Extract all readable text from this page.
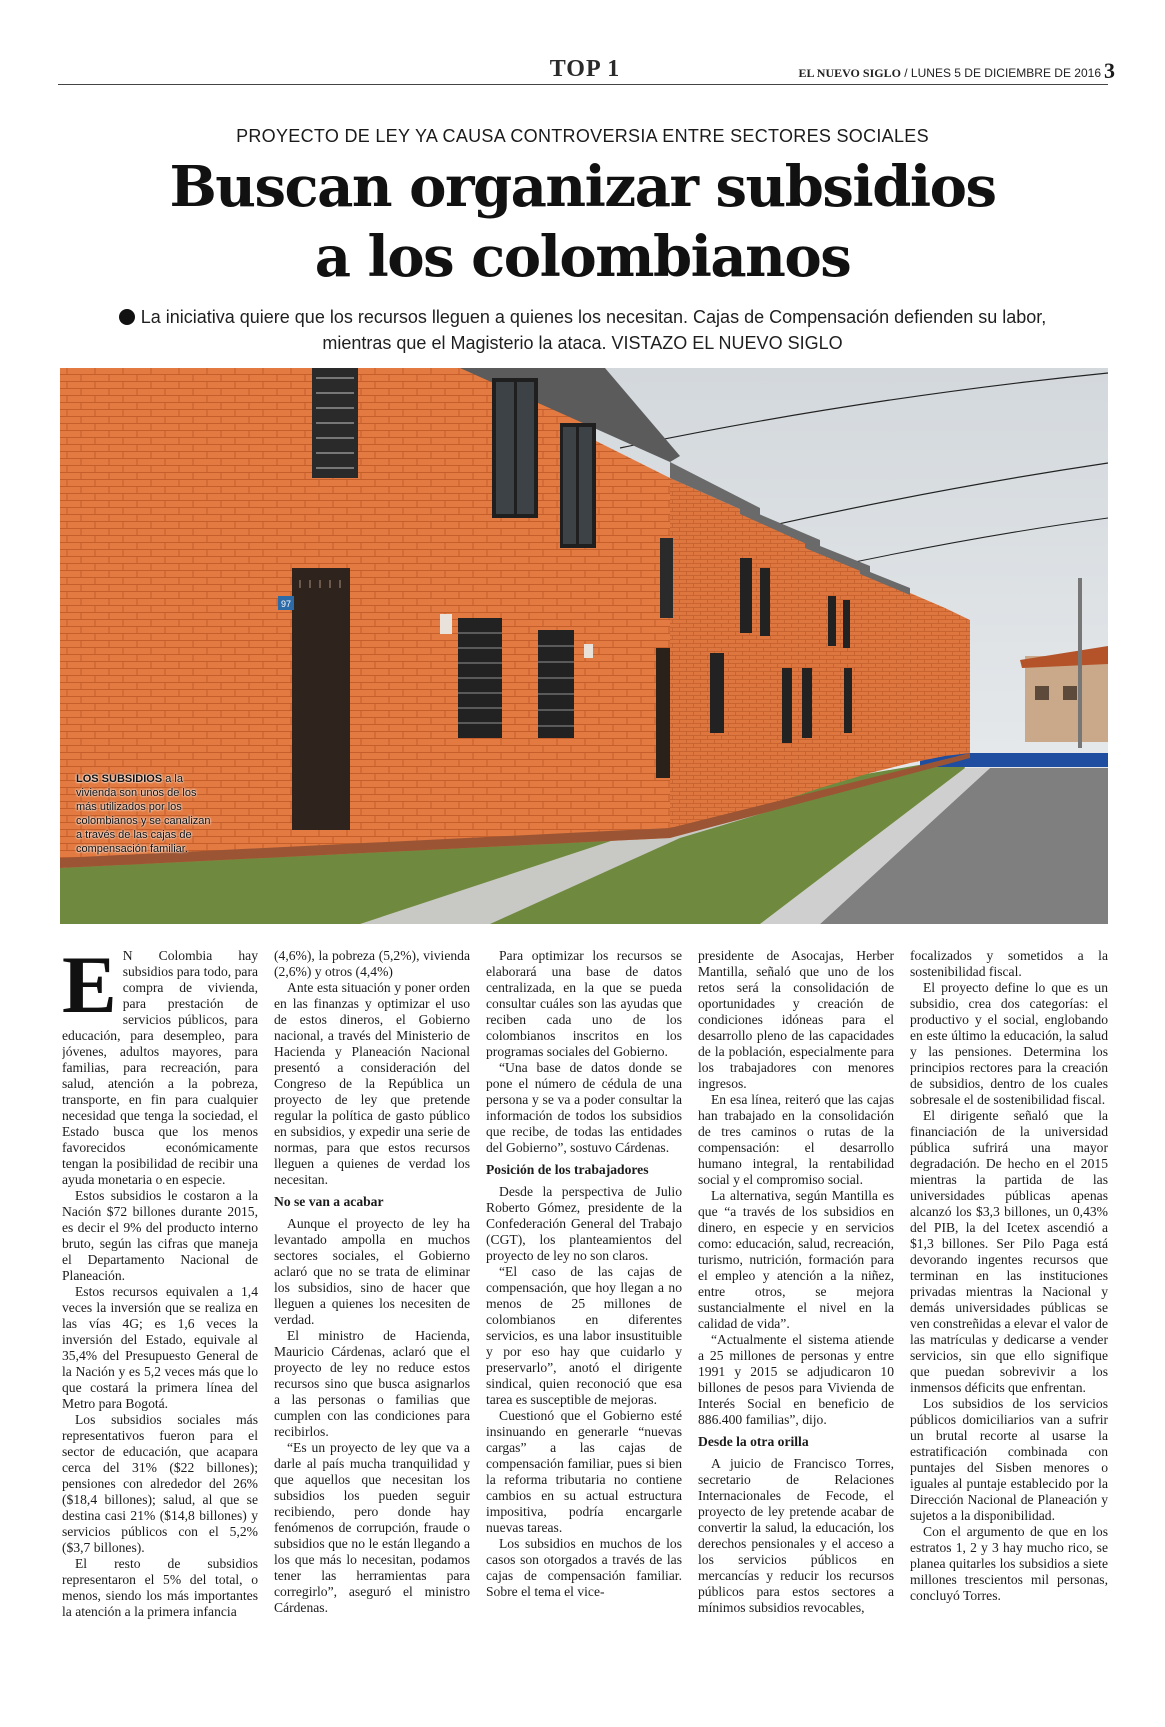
TOP 1	EL NUEVO SIGLO / LUNES 5 DE DICIEMBRE DE 2016 3
PROYECTO DE LEY YA CAUSA CONTROVERSIA ENTRE SECTORES SOCIALES
Buscan organizar subsidios
a los colombianos
La iniciativa quiere que los recursos lleguen a quienes los necesitan. Cajas de Compensación defienden su labor,
mientras que el Magisterio la ataca. VISTAZO EL NUEVO SIGLO
97
LOS SUBSIDIOS a la vivienda son unos de los más utilizados por los colombianos y se canalizan a través de las cajas de compensación familiar.
E N Colombia hay subsidios para todo, para compra de vivienda, para prestación de servicios públicos, para educación, para desempleo, para jóvenes, adultos mayores, para familias, para recreación, para salud, atención a la pobreza, transporte, en fin para cualquier necesidad que tenga la sociedad, el Estado busca que los menos favorecidos económicamente tengan la posibilidad de recibir una ayuda monetaria o en especie.

Estos subsidios le costaron a la Nación $72 billones durante 2015, es decir el 9% del producto interno bruto, según las cifras que maneja el Departamento Nacional de Planeación.

Estos recursos equivalen a 1,4 veces la inversión que se realiza en las vías 4G; es 1,6 veces la inversión del Estado, equivale al 35,4% del Presupuesto General de la Nación y es 5,2 veces más que lo que costará la primera línea del Metro para Bogotá.

Los subsidios sociales más representativos fueron para el sector de educación, que acapara cerca del 31% ($22 billones); pensiones con alrededor del 26% ($18,4 billones); salud, al que se destina casi 21% ($14,8 billones) y servicios públicos con el 5,2% ($3,7 billones).

El resto de subsidios representaron el 5% del total, o menos, siendo los más importantes la atención a la primera infancia

(4,6%), la pobreza (5,2%), vivienda (2,6%) y otros (4,4%)

Ante esta situación y poner orden en las finanzas y optimizar el uso de estos dineros, el Gobierno nacional, a través del Ministerio de Hacienda y Planeación Nacional presentó a consideración del Congreso de la República un proyecto de ley que pretende regular la política de gasto público en subsidios, y expedir una serie de normas, para que estos recursos lleguen a quienes de verdad los necesitan.

No se van a acabar

Aunque el proyecto de ley ha levantado ampolla en muchos sectores sociales, el Gobierno aclaró que no se trata de eliminar los subsidios, sino de hacer que lleguen a quienes los necesiten de verdad.

El ministro de Hacienda, Mauricio Cárdenas, aclaró que el proyecto de ley no reduce estos recursos sino que busca asignarlos a las personas o familias que cumplen con las condiciones para recibirlos.

“Es un proyecto de ley que va a darle al país mucha tranquilidad y que aquellos que necesitan los subsidios los pueden seguir recibiendo, pero donde hay fenómenos de corrupción, fraude o subsidios que no le están llegando a los que más lo necesitan, podamos tener las herramientas para corregirlo”, aseguró el ministro Cárdenas.

Para optimizar los recursos se elaborará una base de datos centralizada, en la que se pueda consultar cuáles son las ayudas que reciben cada uno de los colombianos inscritos en los programas sociales del Gobierno.

“Una base de datos donde se pone el número de cédula de una persona y se va a poder consultar la información de todos los subsidios que recibe, de todas las entidades del Gobierno”, sostuvo Cárdenas.

Posición de los trabajadores

Desde la perspectiva de Julio Roberto Gómez, presidente de la Confederación General del Trabajo (CGT), los planteamientos del proyecto de ley no son claros.

“El caso de las cajas de compensación, que hoy llegan a no menos de 25 millones de colombianos en diferentes servicios, es una labor insustituible y por eso hay que cuidarlo y preservarlo”, anotó el dirigente sindical, quien reconoció que esa tarea es susceptible de mejoras.

Cuestionó que el Gobierno esté insinuando en generarle “nuevas cargas” a las cajas de compensación familiar, pues si bien la reforma tributaria no contiene cambios en su actual estructura impositiva, podría encargarle nuevas tareas.

Los subsidios en muchos de los casos son otorgados a través de las cajas de compensación familiar. Sobre el tema el vice-

presidente de Asocajas, Herber Mantilla, señaló que uno de los retos será la consolidación de oportunidades y creación de condiciones idóneas para el desarrollo pleno de las capacidades de la población, especialmente para los trabajadores con menores ingresos.

En esa línea, reiteró que las cajas han trabajado en la consolidación de tres caminos o rutas de la compensación: el desarrollo humano integral, la rentabilidad social y el compromiso social.

La alternativa, según Mantilla es que “a través de los subsidios en dinero, en especie y en servicios como: educación, salud, recreación, turismo, nutrición, formación para el empleo y atención a la niñez, entre otros, se mejora sustancialmente el nivel en la calidad de vida”.

“Actualmente el sistema atiende a 25 millones de personas y entre 1991 y 2015 se adjudicaron 10 billones de pesos para Vivienda de Interés Social en beneficio de 886.400 familias”, dijo.

Desde la otra orilla

A juicio de Francisco Torres, secretario de Relaciones Internacionales de Fecode, el proyecto de ley pretende acabar de convertir la salud, la educación, los derechos pensionales y el acceso a los servicios públicos en mercancías y reducir los recursos públicos para estos sectores a mínimos subsidios revocables,

focalizados y sometidos a la sostenibilidad fiscal.

El proyecto define lo que es un subsidio, crea dos categorías: el productivo y el social, englobando en este último la educación, la salud y las pensiones. Determina los principios rectores para la creación de subsidios, dentro de los cuales sobresale el de sostenibilidad fiscal.

El dirigente señaló que la financiación de la universidad pública sufrirá una mayor degradación. De hecho en el 2015 mientras la partida de las universidades públicas apenas alcanzó los $3,3 billones, un 0,43% del PIB, la del Icetex ascendió a $1,3 billones. Ser Pilo Paga está devorando ingentes recursos que terminan en las instituciones privadas mientras la Nacional y demás universidades públicas se ven constreñidas a elevar el valor de las matrículas y dedicarse a vender servicios, sin que ello signifique que puedan sobrevivir a los inmensos déficits que enfrentan.

Los subsidios de los servicios públicos domiciliarios van a sufrir un brutal recorte al usarse la estratificación combinada con puntajes del Sisben menores o iguales al puntaje establecido por la Dirección Nacional de Planeación y sujetos a la disponibilidad.

Con el argumento de que en los estratos 1, 2 y 3 hay mucho rico, se planea quitarles los subsidios a siete millones trescientos mil personas, concluyó Torres.
